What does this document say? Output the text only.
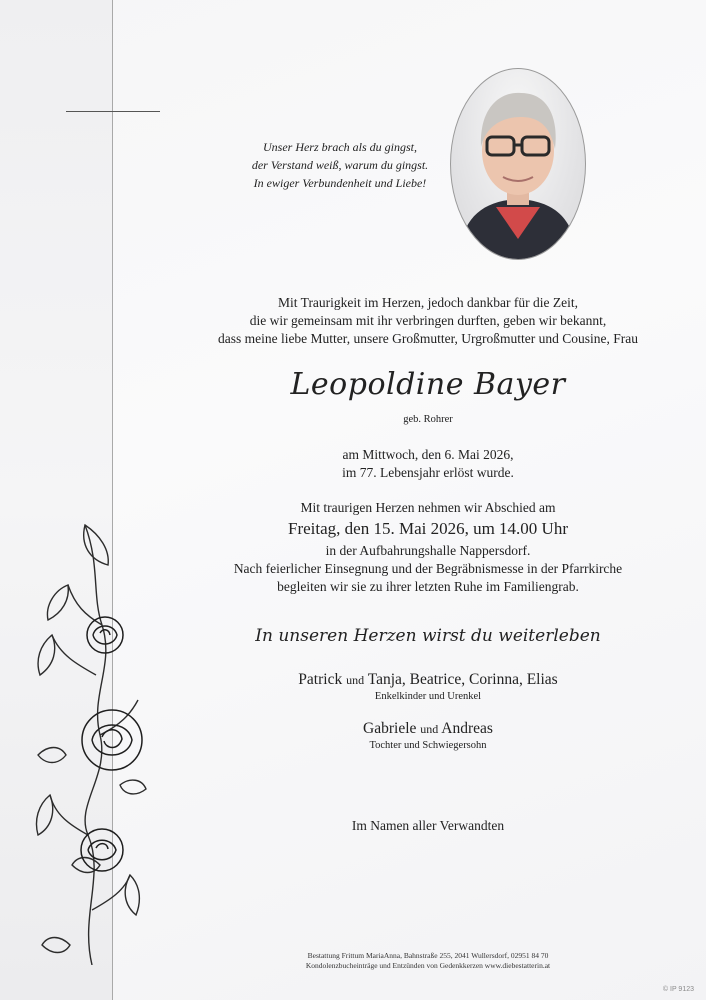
Unser Herz brach als du gingst,
der Verstand weiß, warum du gingst.
In ewiger Verbundenheit und Liebe!
Mit Traurigkeit im Herzen, jedoch dankbar für die Zeit,
die wir gemeinsam mit ihr verbringen durften, geben wir bekannt,
dass meine liebe Mutter, unsere Großmutter, Urgroßmutter und Cousine, Frau
Leopoldine Bayer
geb. Rohrer
am Mittwoch, den 6. Mai 2026,
im 77. Lebensjahr erlöst wurde.
Mit traurigen Herzen nehmen wir Abschied am
Freitag, den 15. Mai 2026, um 14.00 Uhr
in der Aufbahrungshalle Nappersdorf.
Nach feierlicher Einsegnung und der Begräbnismesse in der Pfarrkirche
begleiten wir sie zu ihrer letzten Ruhe im Familiengrab.
In unseren Herzen wirst du weiterleben
Patrick und Tanja, Beatrice, Corinna, Elias
Enkelkinder und Urenkel
Gabriele und Andreas
Tochter und Schwiegersohn
Im Namen aller Verwandten
Bestattung Frittum MariaAnna, Bahnstraße 255, 2041 Wullersdorf, 02951 84 70
Kondolenzbucheinträge und Entzünden von Gedenkkerzen www.diebestatterin.at
© IP 9123
